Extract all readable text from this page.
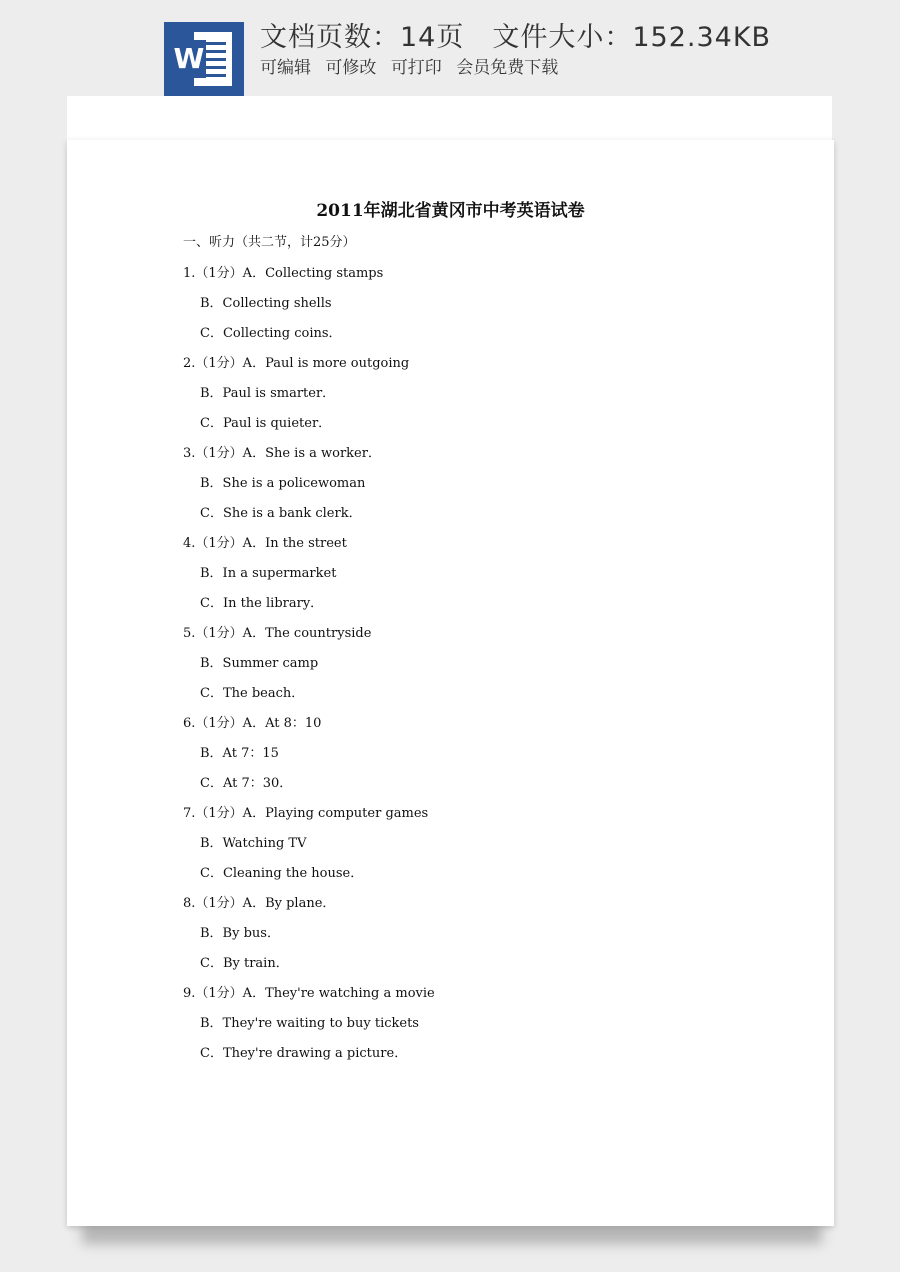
W
文档页数：14页 文件大小：152.34KB
可编辑 可修改 可打印 会员免费下载
2011年湖北省黄冈市中考英语试卷
一、听力（共二节，计25分）
1.（1分）A．Collecting stamps
B．Collecting shells
C．Collecting coins．
2.（1分）A．Paul is more outgoing
B．Paul is smarter．
C．Paul is quieter．
3.（1分）A．She is a worker．
B．She is a policewoman
C．She is a bank clerk．
4.（1分）A．In the street
B．In a supermarket
C．In the library．
5.（1分）A．The countryside
B．Summer camp
C．The beach．
6.（1分）A．At 8：10
B．At 7：15
C．At 7：30．
7.（1分）A．Playing computer games
B．Watching TV
C．Cleaning the house．
8.（1分）A．By plane．
B．By bus．
C．By train．
9.（1分）A．They're watching a movie
B．They're waiting to buy tickets
C．They're drawing a picture．
